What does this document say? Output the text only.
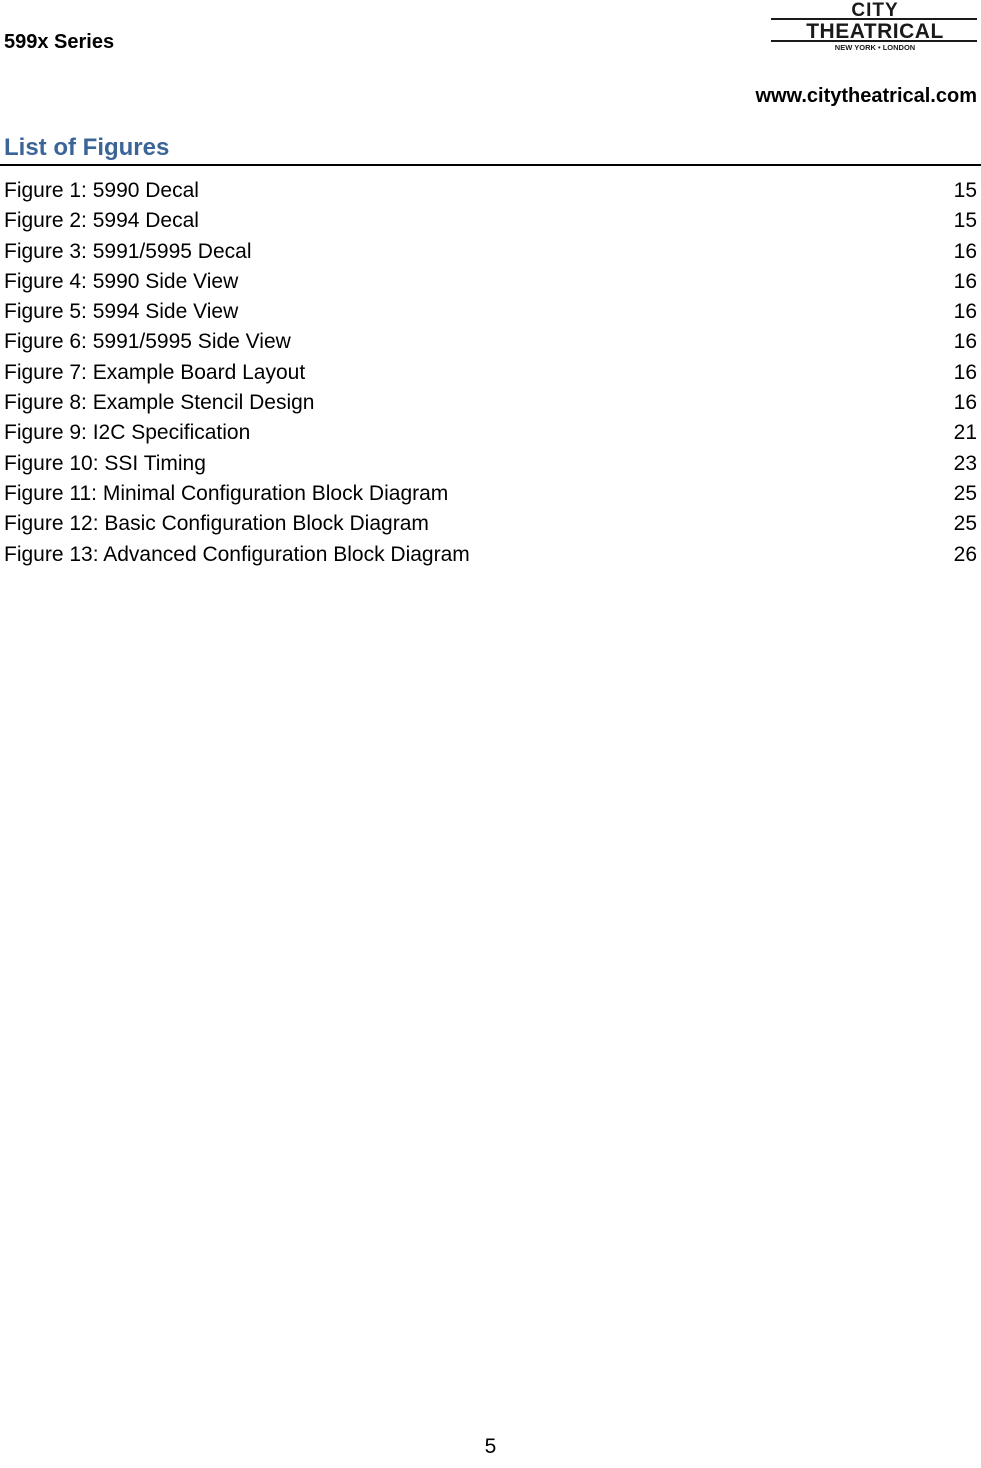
599x Series
CITY
THEATRICAL
NEW YORK • LONDON
www.citytheatrical.com
List of Figures
Figure 1: 5990 Decal	15
Figure 2: 5994 Decal	15
Figure 3: 5991/5995 Decal	16
Figure 4: 5990 Side View	16
Figure 5: 5994 Side View	16
Figure 6: 5991/5995 Side View	16
Figure 7: Example Board Layout	16
Figure 8: Example Stencil Design	16
Figure 9: I2C Specification	21
Figure 10: SSI Timing	23
Figure 11: Minimal Configuration Block Diagram	25
Figure 12: Basic Configuration Block Diagram	25
Figure 13: Advanced Configuration Block Diagram	26
5
